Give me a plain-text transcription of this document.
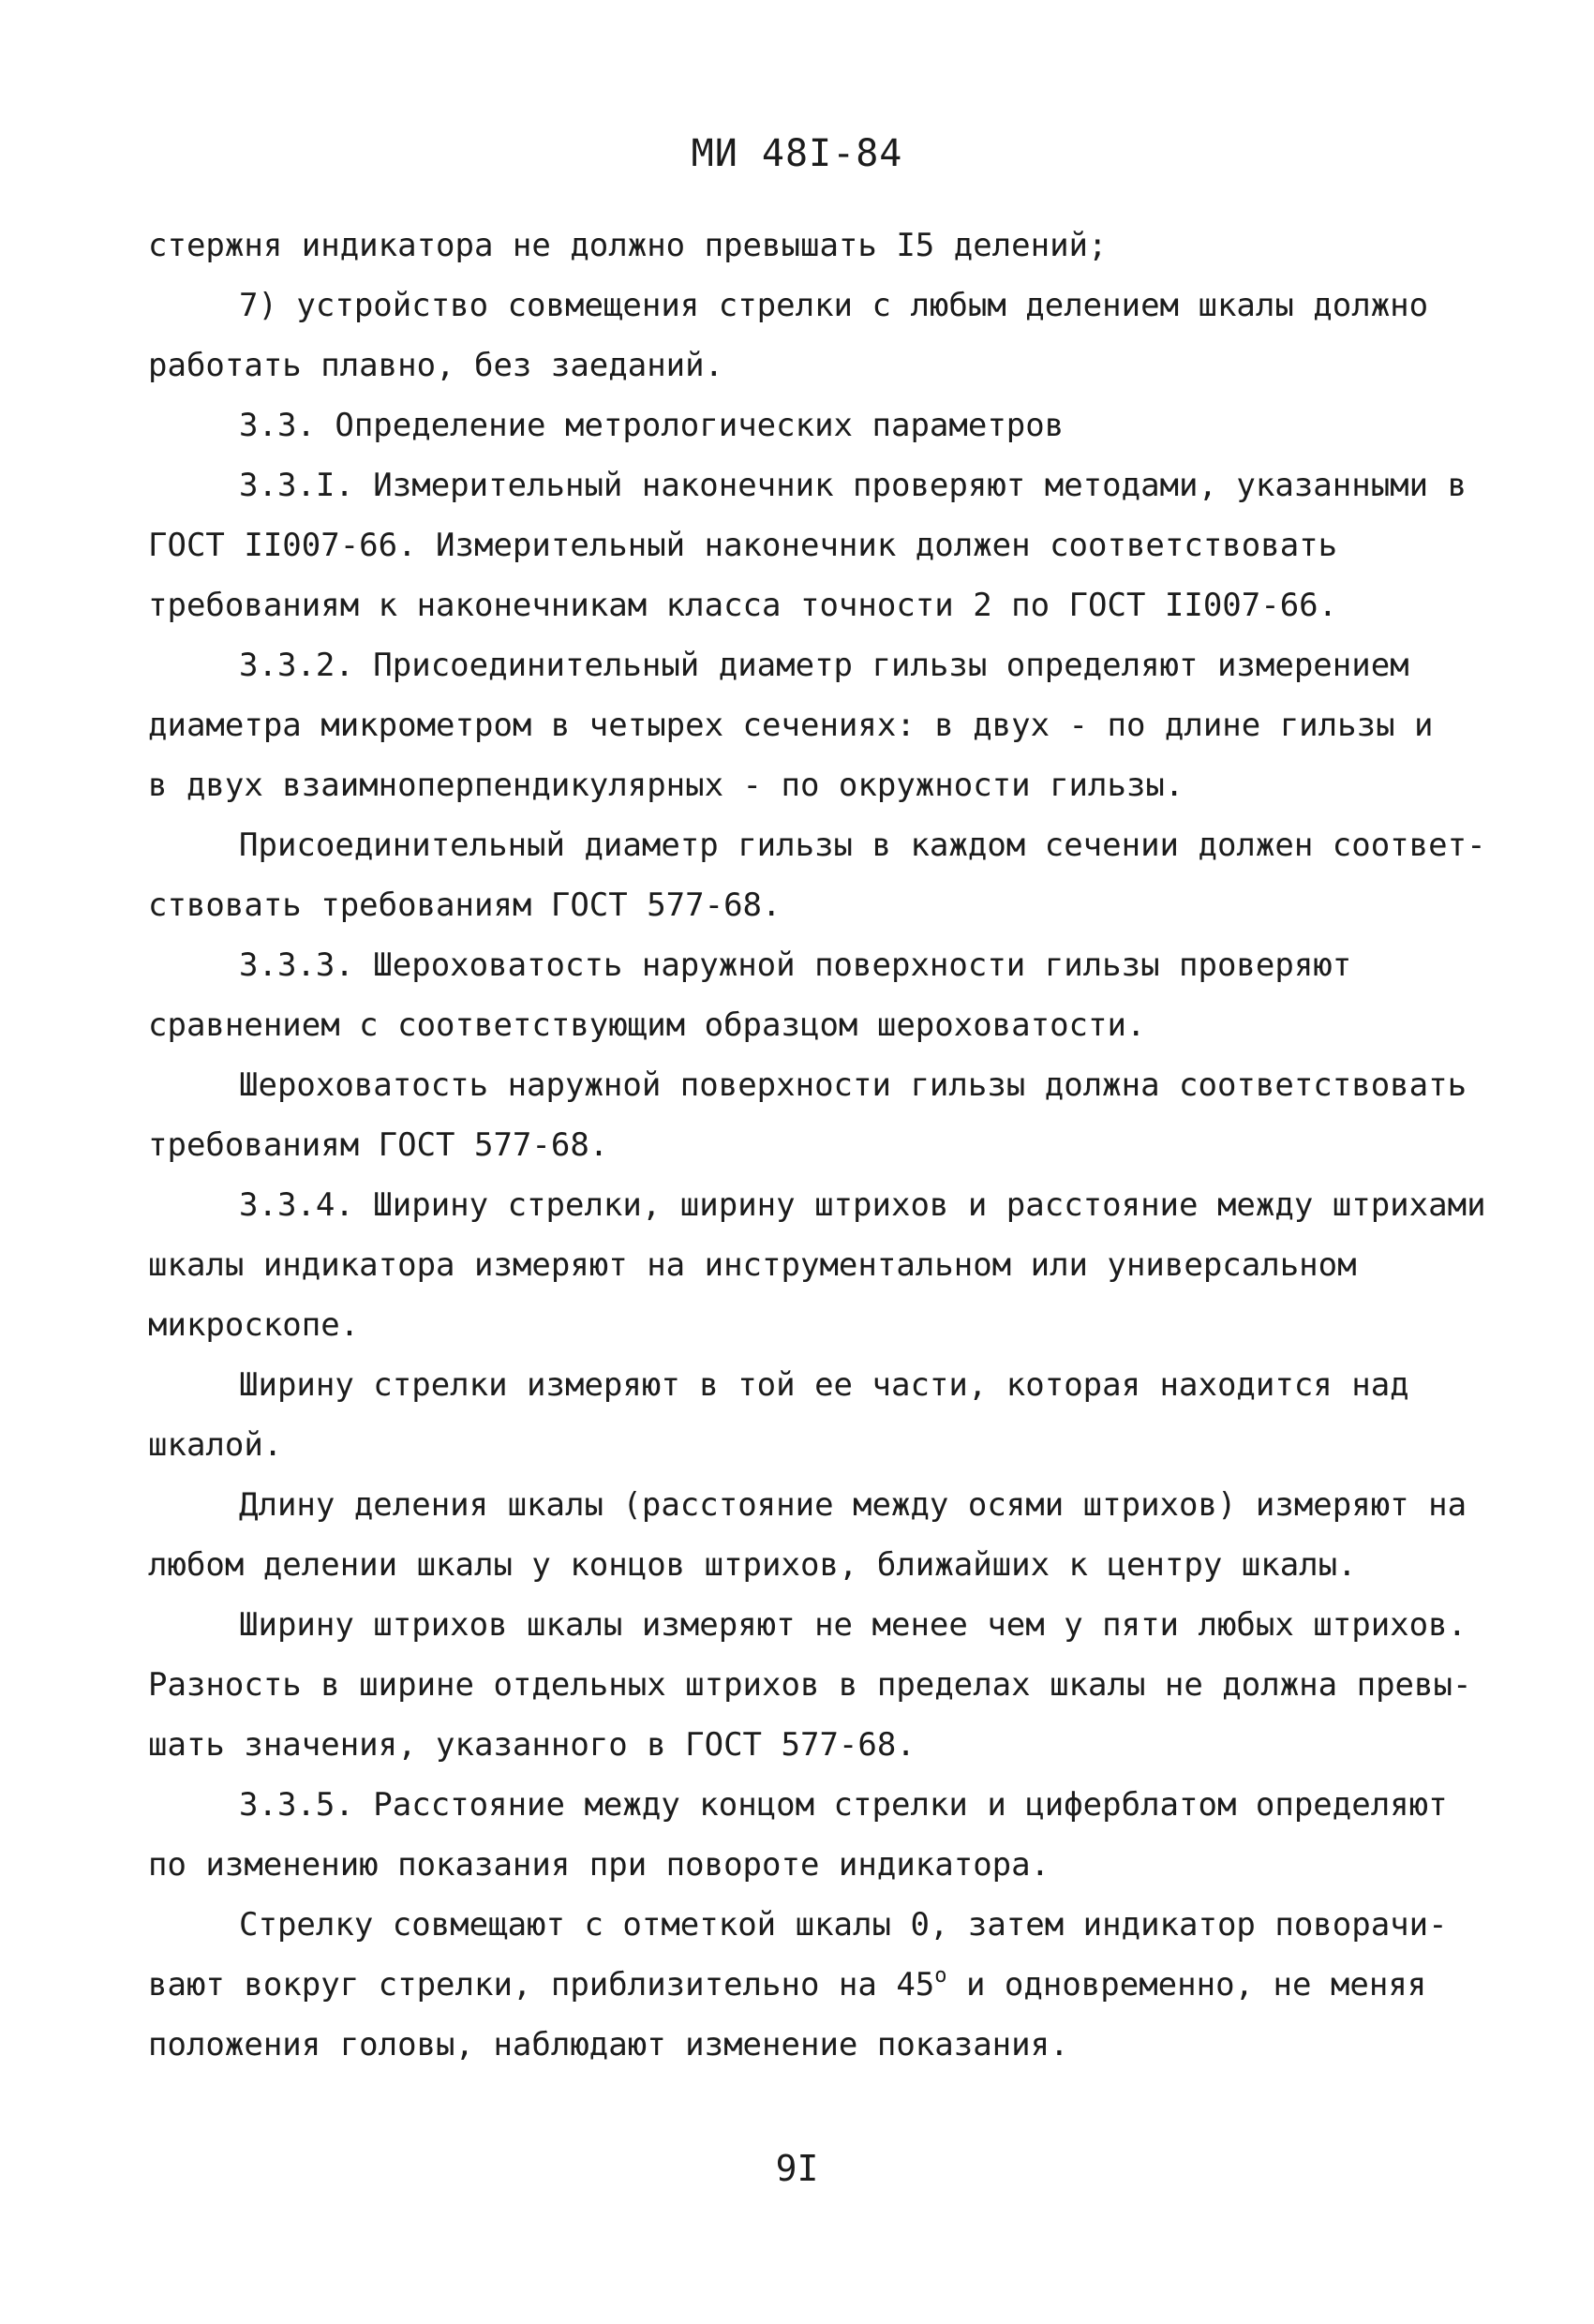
МИ 48I-84
стержня индикатора не должно превышать I5 делений;
7) устройство совмещения стрелки с любым делением шкалы должно
работать плавно, без заеданий.
3.3. Определение метрологических параметров
3.3.I. Измерительный наконечник проверяют методами, указанными в
ГОСТ II007-66. Измерительный наконечник должен соответствовать
требованиям к наконечникам класса точности 2 по ГОСТ II007-66.
3.3.2. Присоединительный диаметр гильзы определяют измерением
диаметра микрометром в четырех сечениях: в двух - по длине гильзы и
в двух взаимноперпендикулярных - по окружности гильзы.
Присоединительный диаметр гильзы в каждом сечении должен соответ-
ствовать требованиям ГОСТ 577-68.
3.3.3. Шероховатость наружной поверхности гильзы проверяют
сравнением с соответствующим образцом шероховатости.
Шероховатость наружной поверхности гильзы должна соответствовать
требованиям ГОСТ 577-68.
3.3.4. Ширину стрелки, ширину штрихов и расстояние между штрихами
шкалы индикатора измеряют на инструментальном или универсальном
микроскопе.
Ширину стрелки измеряют в той ее части, которая находится над
шкалой.
Длину деления шкалы (расстояние между осями штрихов) измеряют на
любом делении шкалы у концов штрихов, ближайших к центру шкалы.
Ширину штрихов шкалы измеряют не менее чем у пяти любых штрихов.
Разность в ширине отдельных штрихов в пределах шкалы не должна превы-
шать значения, указанного в ГОСТ 577-68.
3.3.5. Расстояние между концом стрелки и циферблатом определяют
по изменению показания при повороте индикатора.
Стрелку совмещают с отметкой шкалы 0, затем индикатор поворачи-
вают вокруг стрелки, приблизительно на 45$^o$ и одновременно, не меняя
положения головы, наблюдают изменение показания.
9I
